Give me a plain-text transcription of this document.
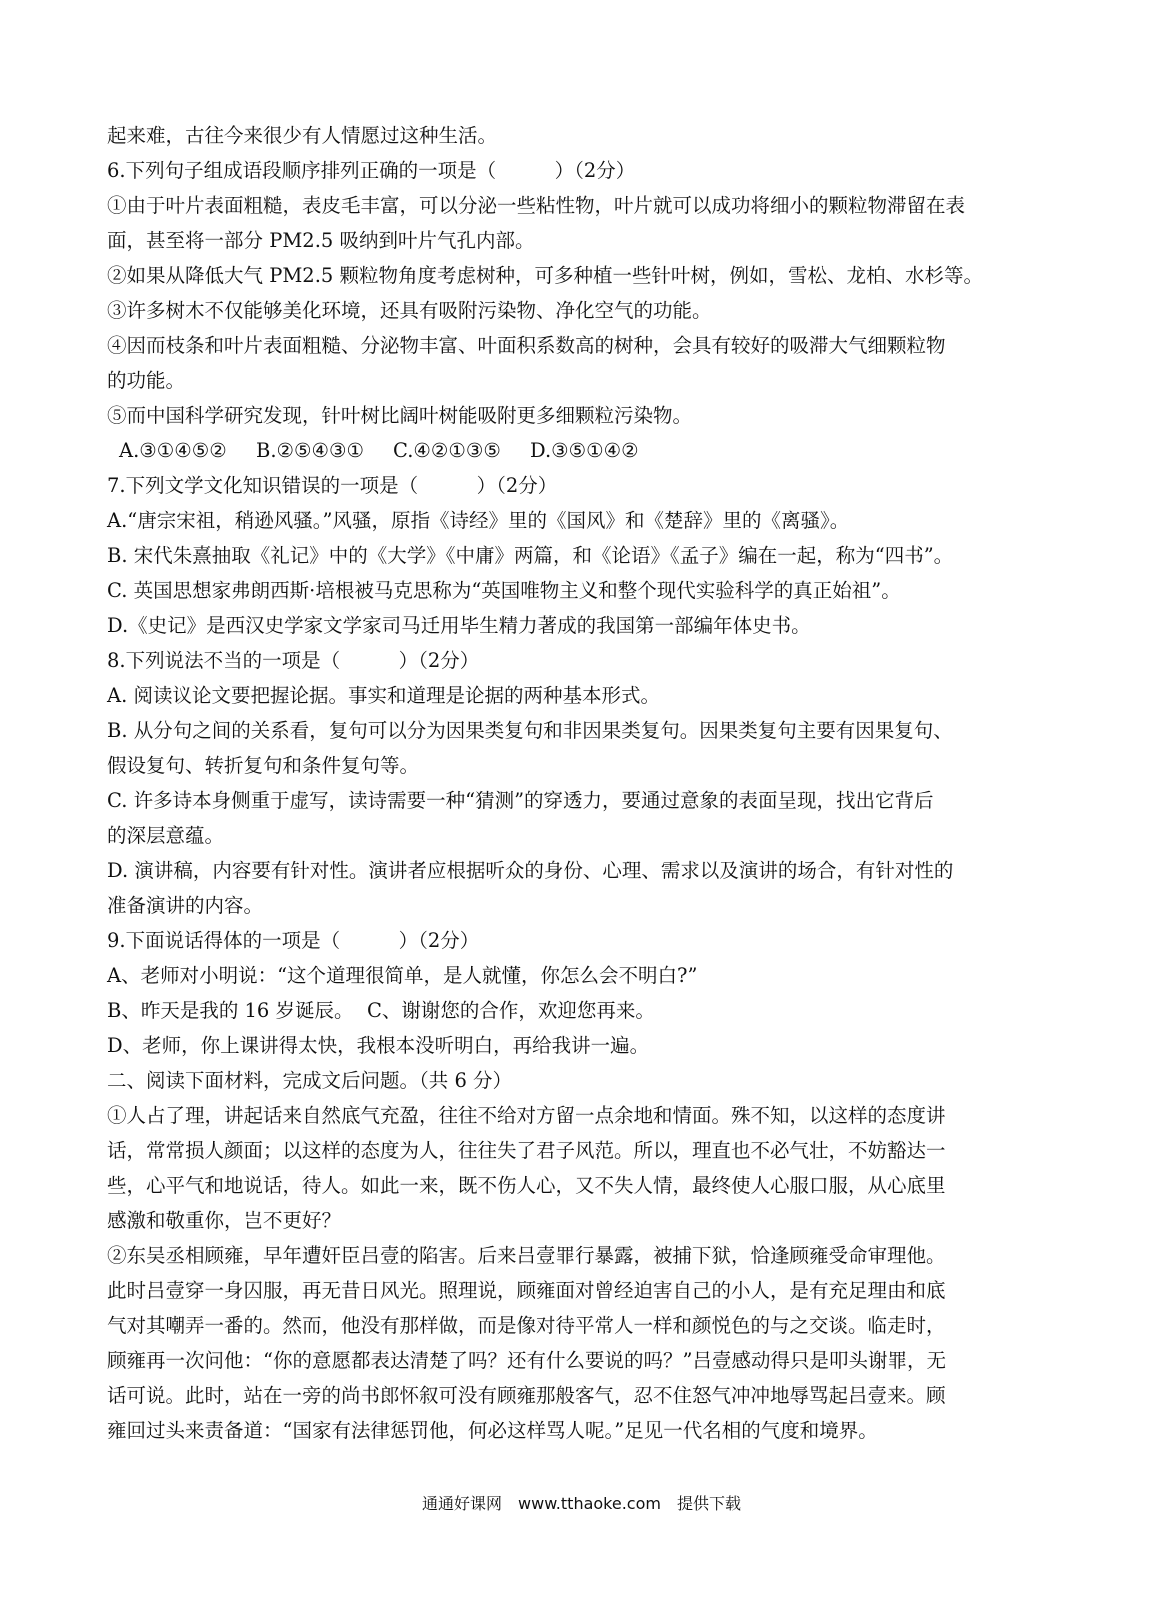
起来难，古往今来很少有人情愿过这种生活。
6.下列句子组成语段顺序排列正确的一项是（　　　）（2分）
①由于叶片表面粗糙，表皮毛丰富，可以分泌一些粘性物，叶片就可以成功将细小的颗粒物滞留在表
面，甚至将一部分 PM2.5 吸纳到叶片气孔内部。
②如果从降低大气 PM2.5 颗粒物角度考虑树种，可多种植一些针叶树，例如，雪松、龙柏、水杉等。
③许多树木不仅能够美化环境，还具有吸附污染物、净化空气的功能。
④因而枝条和叶片表面粗糙、分泌物丰富、叶面积系数高的树种，会具有较好的吸滞大气细颗粒物
的功能。
⑤而中国科学研究发现，针叶树比阔叶树能吸附更多细颗粒污染物。
A.③①④⑤② B.②⑤④③① C.④②①③⑤ D.③⑤①④②
7.下列文学文化知识错误的一项是（　　　）（2分）
A.“唐宗宋祖，稍逊风骚。”风骚，原指《诗经》里的《国风》和《楚辞》里的《离骚》。
B. 宋代朱熹抽取《礼记》中的《大学》《中庸》两篇，和《论语》《孟子》编在一起，称为“四书”。
C. 英国思想家弗朗西斯·培根被马克思称为“英国唯物主义和整个现代实验科学的真正始祖”。
D.《史记》是西汉史学家文学家司马迁用毕生精力著成的我国第一部编年体史书。
8.下列说法不当的一项是（　　　）（2分）
A. 阅读议论文要把握论据。事实和道理是论据的两种基本形式。
B. 从分句之间的关系看，复句可以分为因果类复句和非因果类复句。因果类复句主要有因果复句、
假设复句、转折复句和条件复句等。
C. 许多诗本身侧重于虚写，读诗需要一种“猜测”的穿透力，要通过意象的表面呈现，找出它背后
的深层意蕴。
D. 演讲稿，内容要有针对性。演讲者应根据听众的身份、心理、需求以及演讲的场合，有针对性的
准备演讲的内容。
9.下面说话得体的一项是（　　　）（2分）
A、老师对小明说：“这个道理很简单，是人就懂，你怎么会不明白?”
B、昨天是我的 16 岁诞辰。 C、谢谢您的合作，欢迎您再来。
D、老师，你上课讲得太快，我根本没听明白，再给我讲一遍。
二、阅读下面材料，完成文后问题。（共 6 分）
①人占了理，讲起话来自然底气充盈，往往不给对方留一点余地和情面。殊不知，以这样的态度讲
话，常常损人颜面；以这样的态度为人，往往失了君子风范。所以，理直也不必气壮，不妨豁达一
些，心平气和地说话，待人。如此一来，既不伤人心，又不失人情，最终使人心服口服，从心底里
感激和敬重你，岂不更好？
②东吴丞相顾雍，早年遭奸臣吕壹的陷害。后来吕壹罪行暴露，被捕下狱，恰逢顾雍受命审理他。
此时吕壹穿一身囚服，再无昔日风光。照理说，顾雍面对曾经迫害自己的小人，是有充足理由和底
气对其嘲弄一番的。然而，他没有那样做，而是像对待平常人一样和颜悦色的与之交谈。临走时，
顾雍再一次问他：“你的意愿都表达清楚了吗？还有什么要说的吗？”吕壹感动得只是叩头谢罪，无
话可说。此时，站在一旁的尚书郎怀叙可没有顾雍那般客气，忍不住怒气冲冲地辱骂起吕壹来。顾
雍回过头来责备道：“国家有法律惩罚他，何必这样骂人呢。”足见一代名相的气度和境界。
通通好课网　www.tthaoke.com　提供下载
